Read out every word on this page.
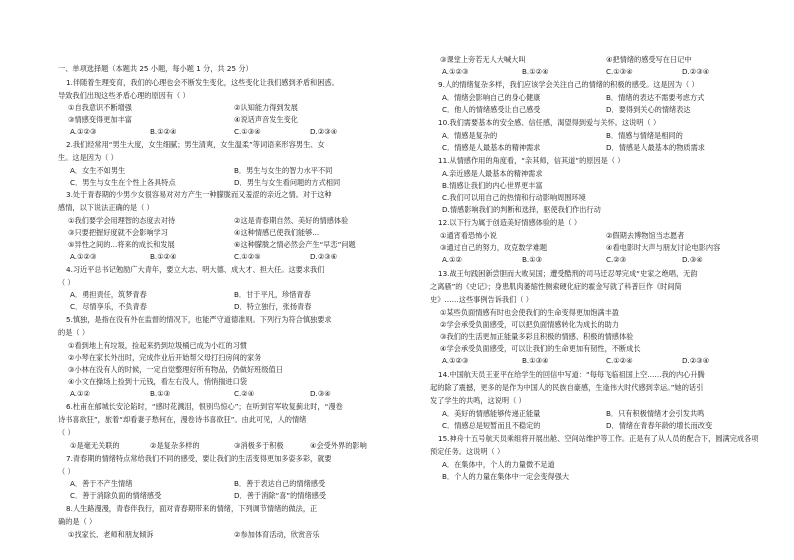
一、单项选择题（本题共 25 小题，每小题 1 分，共 25 分）
1.伴随着生理变育，我们的心理也会不断发生变化，这些变化让我们感到矛盾和困惑。
导致我们出现这些矛盾心理的原因有（ ）
①自我意识不断增强	②认知能力得到发展
③情感变得更加丰富	④说话声音发生变化
A.①②③	B.①②④	C.①③④	D.②③④
2.我们经常用“男生大度，女生细腻；男生清爽，女生温柔”等词语来形容男生、女
生。这是因为（ ）
A．女生不如男生	B．男生与女生的智力水平不同
C．男生与女生在个性上各具特点	D．男生与女生看问题的方式相同
3.处于青春期的少男少女很容易对对方产生一种朦胧而又羞涩的亲近之情。对于这种
感情，以下说法正确的是（ ）
①我们要学会用理智的态度去对待	②这是青春期自然、美好的情感体验
③只要把握好度就不会影响学习	④这种情感已使我们能够...
⑤异性之间的...将来的成长和发展	⑥这种朦胧之情必然会产生“早恋”问题
A.①②③	B.①②④	C.①②⑤	D.②③⑥
4.习近平总书记勉励广大青年，要立大志、明大德、成大才、担大任。这要求我们
（ ）
A．勇担责任，筑梦青春	B．甘于平凡，珍惜青春
C．尽情享乐，不负青春	D．特立独行，张扬青春
5.慎独，是指在没有外在监督的情况下，也能严守道德准则。下列行为符合慎独要求
的是（ ）
①看到地上有垃圾，捡起来扔到垃圾桶已成为小红的习惯
②小琴在家长外出时，完成作业后开始帮父母打扫房间的家务
③小林在没有人的时候，一定自觉整理好所有物品，仍做好班级值日
④小文在操场上捡到十元钱，看左右没人，悄悄揣进口袋
A.①②	B.①③	C.②④	D.③④
6.杜甫在郁城长安沦陷时，“感时花溅泪，恨别鸟惊心”；在听到官军收复蓟北时，“漫卷
诗书喜欲狂”，旅着“却看妻子愁何在，漫卷诗书喜欲狂”。由此可见，人的情绪
（ ）
①是毫无关联的	②是复杂多样的	③消极多于积极	④会受外界的影响
7.青春期的情绪特点常给我们不同的感受，要让我们的生活变得更加多姿多彩，就要
（ ）
A．善于不产生情绪	B．善于表达自己的情绪感受
C．善于消除负面的情绪感受	D．善于消除“喜”的情绪感受
8.人生路漫漫，青春伴我行，面对青春期带来的情绪，下列调节情绪的做法，正
确的是（ ）
①找家长、老师和朋友倾诉	②参加体育活动，欣赏音乐
③课堂上旁若无人大喊大叫	④把情绪的感受写在日记中
A.①②③	B.①②④	C.①③④	D.②③④
9.人的情绪复杂多样，我们应该学会关注自己的情绪的积极的感受。这是因为（ ）
A．情绪会影响自己的身心健康	B．情绪的表达不需要考虑方式
C．他人的情绪感受让自己感受	D．要得到关心的情绪表达
10.我们需要基本的安全感、信任感，渴望得到爱与关怀。这说明（ ）
A．情感是复杂的	B．情感与情绪是相同的
C．情感是人最基本的精神需求	D．情感是人最基本的物质需求
11.从情感作用的角度看，“亲其师，信其道”的原因是（ ）
A.亲近感是人最基本的精神需求
B.情感让我们的内心世界更丰富
C.我们可以用自己的热情和行动影响周围环境
D.情感影响我们的判断和选择，驱使我们作出行动
12.以下行为属于创造美好情感体验的是（ ）
①通宵看恐怖小说	②假期去博物馆当志愿者
③通过自己的努力，攻克数学难题	④看电影时大声与朋友讨论电影内容
A.①②	B.①③	C.②③	D.③④
13.战王句践困新尝胆而大败吴国；遭受酷刑的司马迁忍辱完成“史家之绝唱，无韵
之离骚”的《史记》；身患肌肉萎缩性侧索硬化症的霍金写就了科普巨作《时间简
史》……这些事例告诉我们（ ）
①某些负面情感有时也会使我们的生命变得更加饱满丰盈
②学会承受负面感受，可以把负面情感转化为成长的助力
③我们的生活更加正能量多彩且积极的情感、积极的情感体验
④学会承受负面感受，可以让我们的生命更加有韧性，不断成长
A.①②③	B.①③④	C.①②④	D.②③④
14.中国航天员王亚平在给学生的回信中写道：“每每飞临祖国上空……我的内心升腾
起的除了震撼，更多的是作为中国人的民族自豪感，生逢伟大时代感到幸运。”她的话引
发了学生的共鸣，这说明（ ）
A．美好的情感能够传递正能量	B．只有积极情绪才会引发共鸣
C．情感总是短暂而且不稳定的	D．情绪在青春年龄的增长而改变
15.神舟十五号航天员乘组将开展出舱、空间站维护等工作。正是有了从人员的配合下，圆满完成各项
预定任务。这说明（ ）
A．在集体中，个人的力量微不足道
B．个人的力量在集体中一定会变得强大
